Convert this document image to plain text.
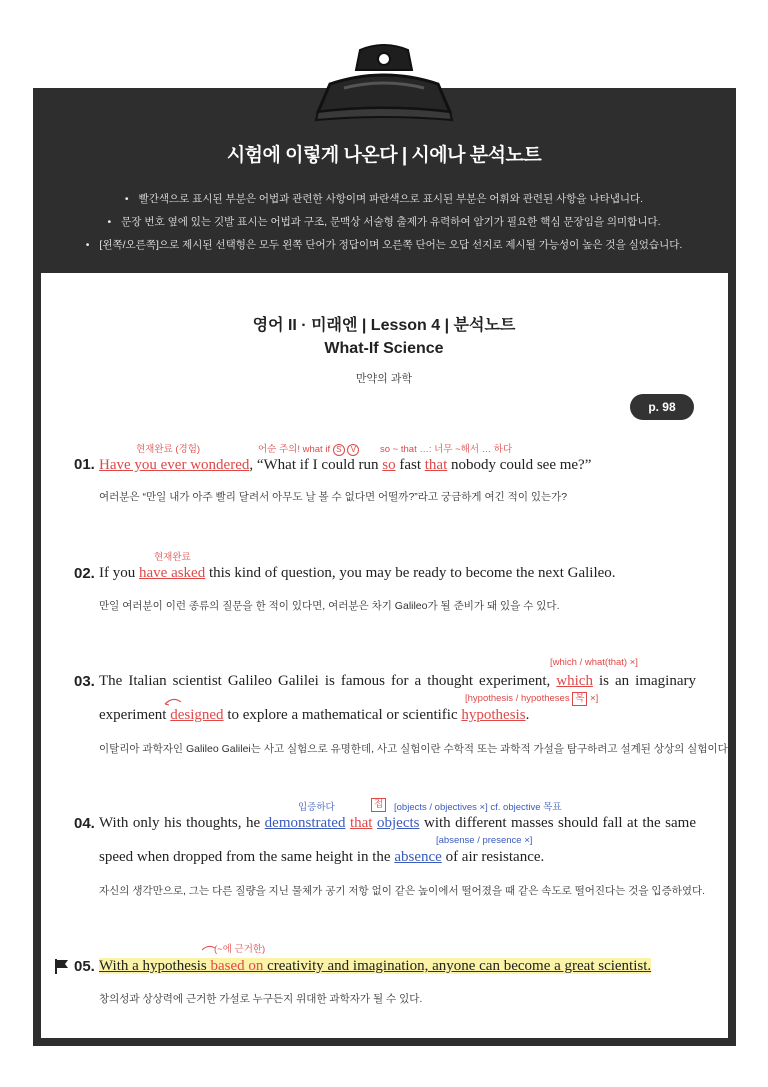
시험에 이렇게 나온다 | 시에나 분석노트
• 빨간색으로 표시된 부분은 어법과 관련한 사항이며 파란색으로 표시된 부분은 어휘와 관련된 사항을 나타냅니다.
• 문장 번호 옆에 있는 깃발 표시는 어법과 구조, 문맥상 서술형 출제가 유력하여 암기가 필요한 핵심 문장임을 의미합니다.
• [왼쪽/오른쪽]으로 제시된 선택형은 모두 왼쪽 단어가 정답이며 오른쪽 단어는 오답 선지로 제시될 가능성이 높은 것을 실었습니다.
영어 II · 미래엔 | Lesson 4 | 분석노트
What-If Science
만약의 과학
p. 98
현재완료 (경험)	어순 주의! what if S V	so ~ that …: 너무 ~해서 … 하다
01. Have you ever wondered, “What if I could run so fast that nobody could see me?”
여러분은 “만일 내가 아주 빨리 달려서 아무도 날 볼 수 없다면 어떨까?”라고 궁금하게 여긴 적이 있는가?
현재완료
02. If you have asked this kind of question, you may be ready to become the next Galileo.
만일 여러분이 이런 종류의 질문을 한 적이 있다면, 여러분은 차기 Galileo가 될 준비가 돼 있을 수 있다.
[which / what(that) ×]
[hypothesis / hypotheses 복 ×]
03. The Italian scientist Galileo Galilei is famous for a thought experiment, which is an imaginary experiment designed to explore a mathematical or scientific hypothesis.
이탈리아 과학자인 Galileo Galilei는 사고 실험으로 유명한데, 사고 실험이란 수학적 또는 과학적 가설을 탐구하려고 설계된 상상의 실험이다.
입증하다	접	[objects / objectives ×] cf. objective 목표
[absense / presence ×]
04. With only his thoughts, he demonstrated that objects with different masses should fall at the same speed when dropped from the same height in the absence of air resistance.
자신의 생각만으로, 그는 다른 질량을 지닌 물체가 공기 저항 없이 같은 높이에서 떨어졌을 때 같은 속도로 떨어진다는 것을 입증하였다.
(~에 근거한)
05. With a hypothesis based on creativity and imagination, anyone can become a great scientist.
창의성과 상상력에 근거한 가설로 누구든지 위대한 과학자가 될 수 있다.
